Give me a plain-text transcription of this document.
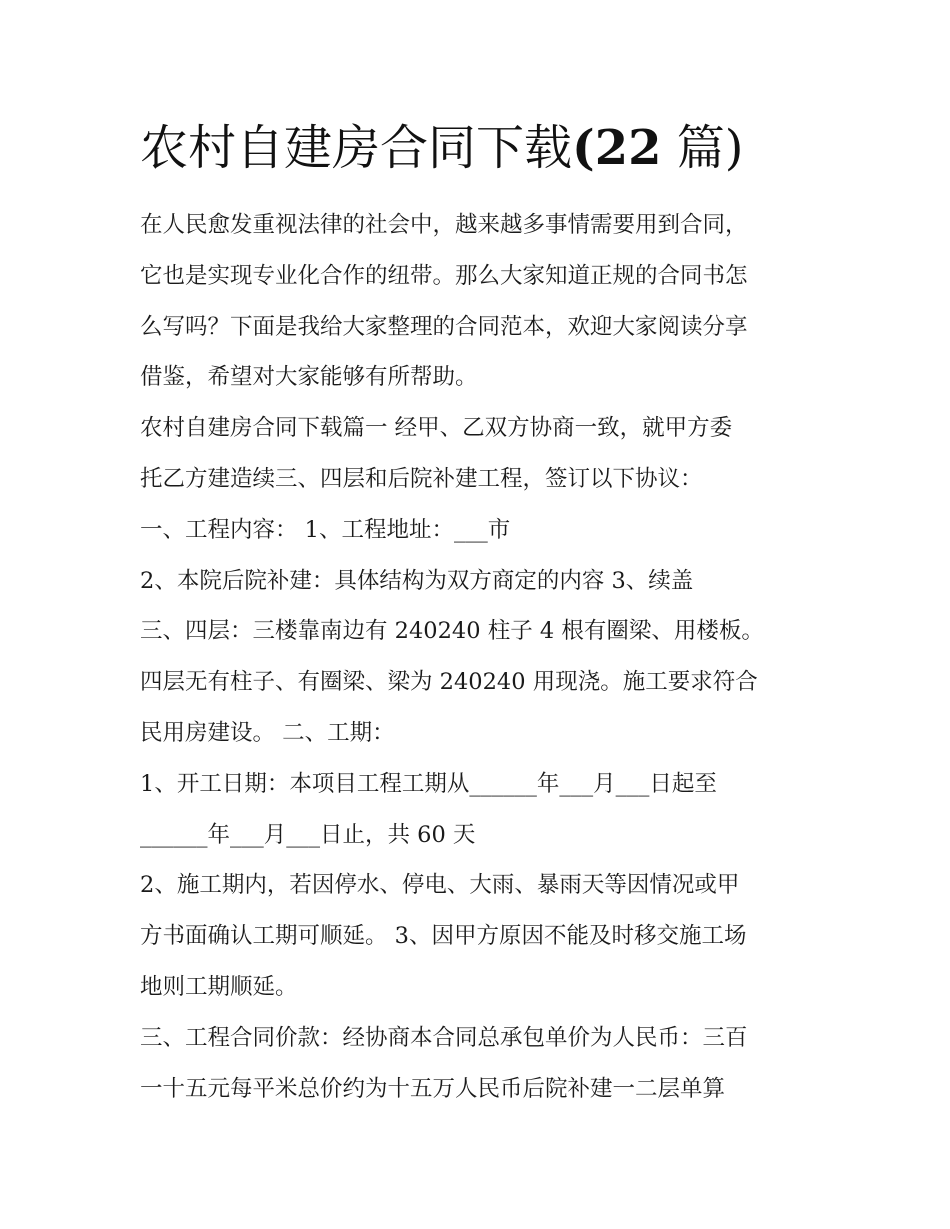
农村自建房合同下载(22 篇)

在人民愈发重视法律的社会中，越来越多事情需要用到合同，

它也是实现专业化合作的纽带。那么大家知道正规的合同书怎

么写吗？下面是我给大家整理的合同范本，欢迎大家阅读分享

借鉴，希望对大家能够有所帮助。

农村自建房合同下载篇一 经甲、乙双方协商一致，就甲方委

托乙方建造续三、四层和后院补建工程，签订以下协议：

一、工程内容： 1、工程地址：___市

2、本院后院补建：具体结构为双方商定的内容 3、续盖

三、四层：三楼靠南边有 240240 柱子 4 根有圈梁、用楼板。

四层无有柱子、有圈梁、梁为 240240 用现浇。施工要求符合

民用房建设。 二、工期：

1、开工日期：本项目工程工期从______年___月___日起至

______年___月___日止，共 60 天

2、施工期内，若因停水、停电、大雨、暴雨天等因情况或甲

方书面确认工期可顺延。 3、因甲方原因不能及时移交施工场

地则工期顺延。

三、工程合同价款：经协商本合同总承包单价为人民币：三百

一十五元每平米总价约为十五万人民币后院补建一二层单算
